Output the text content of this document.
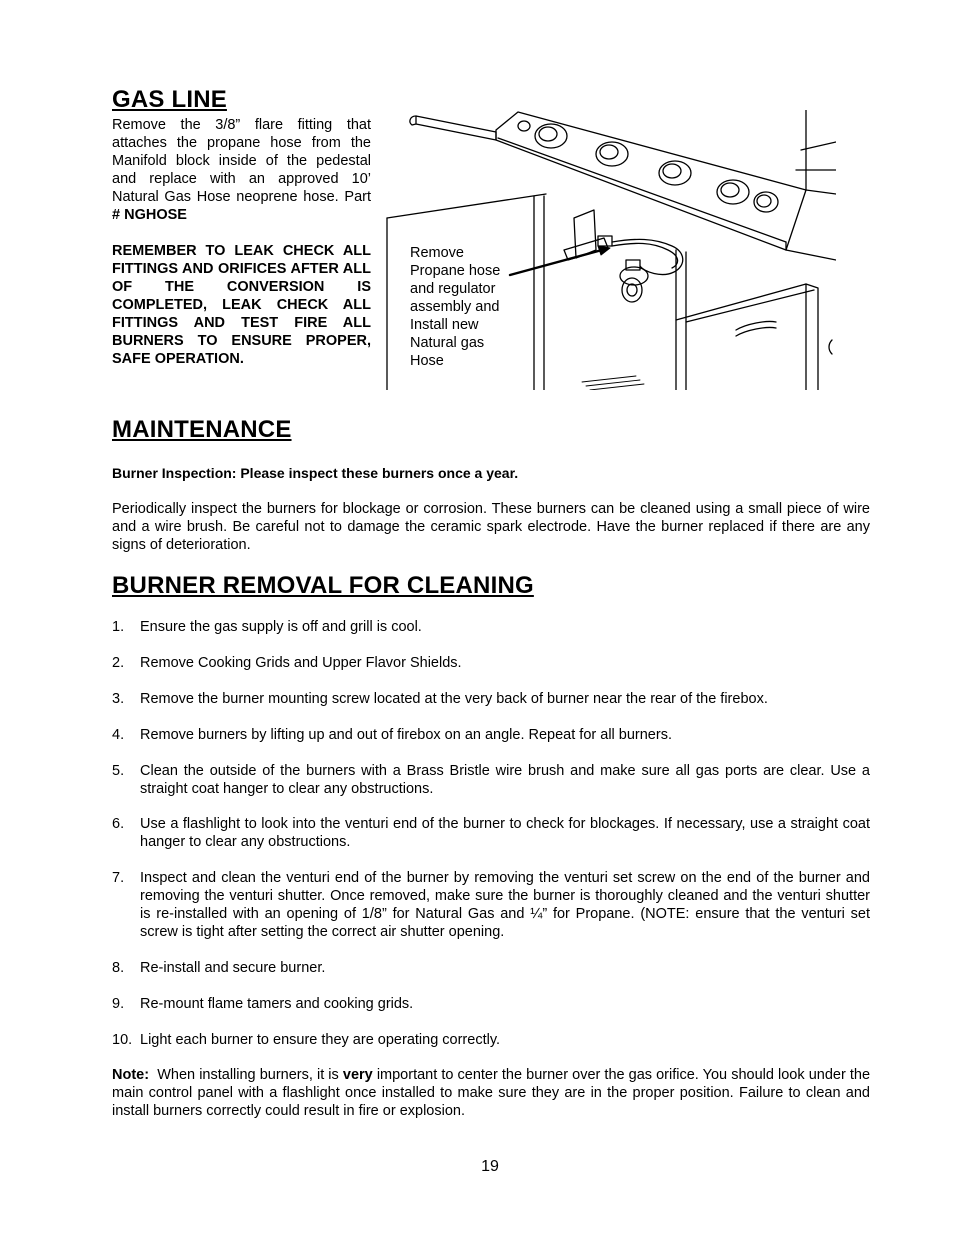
GAS LINE

Remove the 3/8” flare fitting that attaches the propane hose from the Manifold block inside of the pedestal and replace with an approved 10’ Natural Gas Hose neoprene hose. Part # NGHOSE

REMEMBER TO LEAK CHECK ALL FITTINGS AND ORIFICES AFTER ALL OF THE CONVERSION IS COMPLETED, LEAK CHECK ALL FITTINGS AND TEST FIRE ALL BURNERS TO ENSURE PROPER, SAFE OPERATION.

Remove Propane hose and regulator assembly and Install new Natural gas Hose
MAINTENANCE

Burner Inspection: Please inspect these burners once a year.

Periodically inspect the burners for blockage or corrosion. These burners can be cleaned using a small piece of wire and a wire brush. Be careful not to damage the ceramic spark electrode. Have the burner replaced if there are any signs of deterioration.

BURNER REMOVAL FOR CLEANING
1.	Ensure the gas supply is off and grill is cool.
2.	Remove Cooking Grids and Upper Flavor Shields.
3.	Remove the burner mounting screw located at the very back of burner near the rear of the firebox.
4.	Remove burners by lifting up and out of firebox on an angle. Repeat for all burners.
5.	Clean the outside of the burners with a Brass Bristle wire brush and make sure all gas ports are clear. Use a straight coat hanger to clear any obstructions.
6.	Use a flashlight to look into the venturi end of the burner to check for blockages. If necessary, use a straight coat hanger to clear any obstructions.
7.	Inspect and clean the venturi end of the burner by removing the venturi set screw on the end of the burner and removing the venturi shutter. Once removed, make sure the burner is thoroughly cleaned and the venturi shutter is re-installed with an opening of 1/8” for Natural Gas and ¼” for Propane. (NOTE: ensure that the venturi set screw is tight after setting the correct air shutter opening.
8.	Re-install and secure burner.
9.	Re-mount flame tamers and cooking grids.
10. Light each burner to ensure they are operating correctly.

Note: When installing burners, it is very important to center the burner over the gas orifice. You should look under the main control panel with a flashlight once installed to make sure they are in the proper position. Failure to clean and install burners correctly could result in fire or explosion.

19
